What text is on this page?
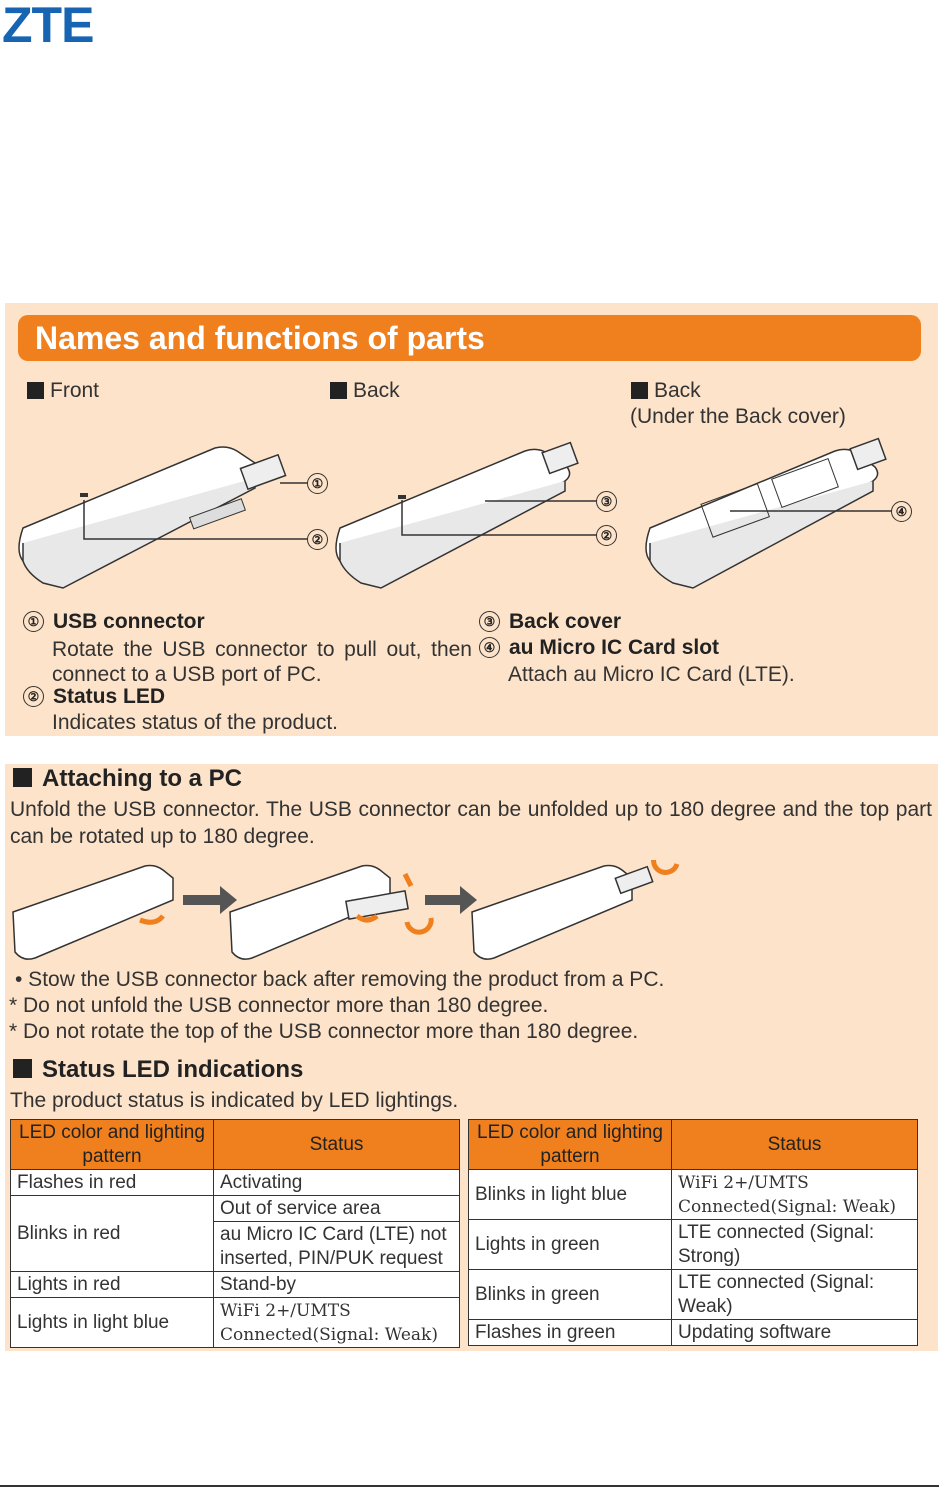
ZTE
Names and functions of parts
Front	Back	Back
(Under the Back cover)
①
②
③
②
④
① USB connector
Rotate the USB connector to pull out, then connect to a USB port of PC.
② Status LED
Indicates status of the product.
③ Back cover
④ au Micro IC Card slot
Attach au Micro IC Card (LTE).
Attaching to a PC
Unfold the USB connector. The USB connector can be unfolded up to 180 degree and the top part can be rotated up to 180 degree.
• Stow the USB connector back after removing the product from a PC.
* Do not unfold the USB connector more than 180 degree.
* Do not rotate the top of the USB connector more than 180 degree.
Status LED indications
The product status is indicated by LED lightings.
LED color and lighting pattern	Status
Flashes in red	Activating
Blinks in red	Out of service area
	au Micro IC Card (LTE) not inserted, PIN/PUK request
Lights in red	Stand-by
Lights in light blue	WiFi 2+/UMTS Connected(Signal: Weak)
LED color and lighting pattern	Status
Blinks in light blue	WiFi 2+/UMTS Connected(Signal: Weak)
Lights in green	LTE connected (Signal: Strong)
Blinks in green	LTE connected (Signal: Weak)
Flashes in green	Updating software
